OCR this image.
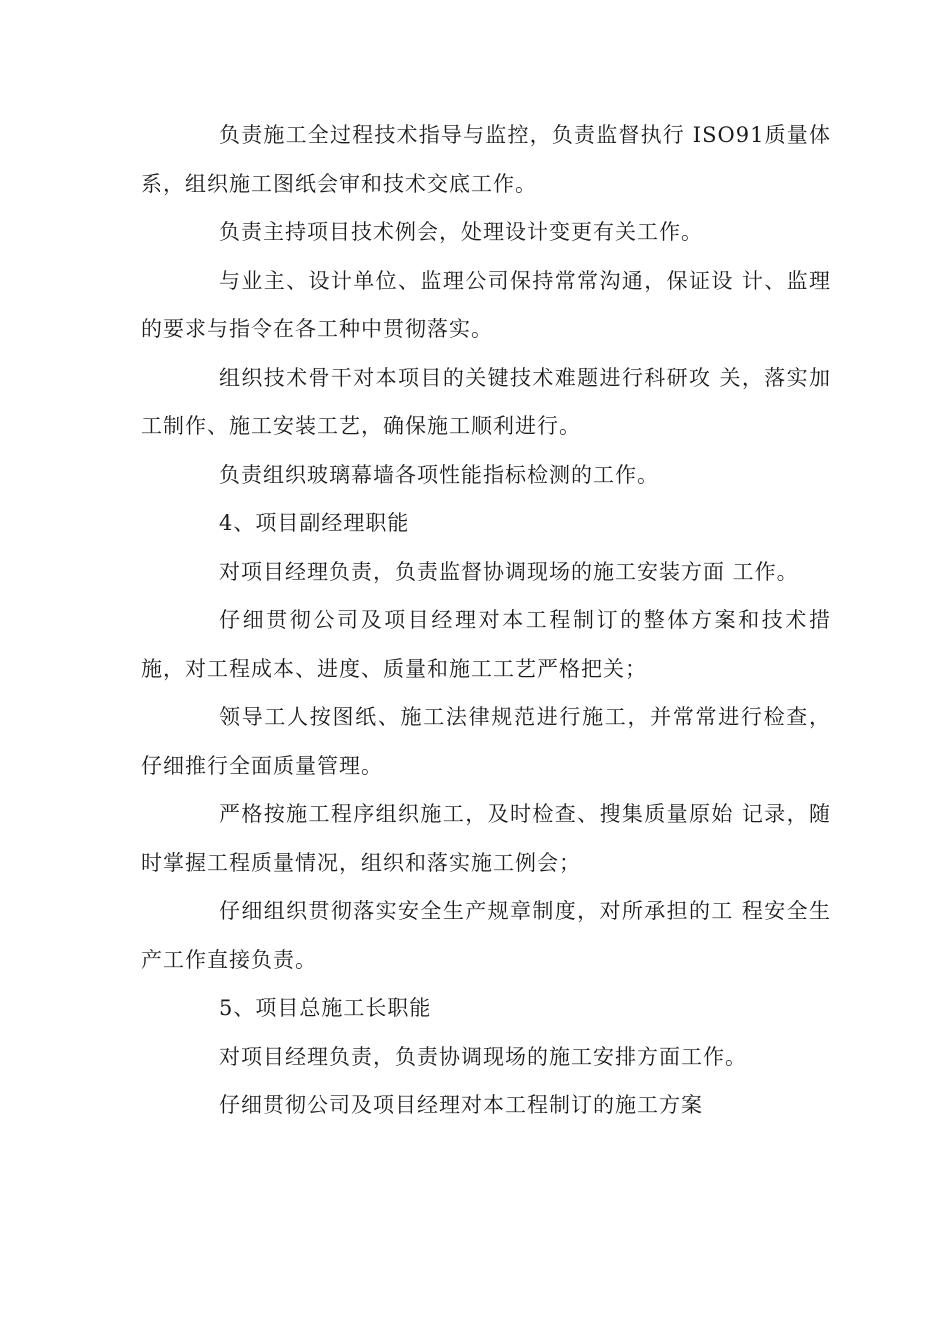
负责施工全过程技术指导与监控，负责监督执行 ISO91质量体系，组织施工图纸会审和技术交底工作。

负责主持项目技术例会，处理设计变更有关工作。

与业主、设计单位、监理公司保持常常沟通，保证设 计、监理的要求与指令在各工种中贯彻落实。

组织技术骨干对本项目的关键技术难题进行科研攻 关，落实加工制作、施工安装工艺，确保施工顺利进行。

负责组织玻璃幕墙各项性能指标检测的工作。

4、项目副经理职能

对项目经理负责，负责监督协调现场的施工安装方面 工作。

仔细贯彻公司及项目经理对本工程制订的整体方案和技术措施，对工程成本、进度、质量和施工工艺严格把关；

领导工人按图纸、施工法律规范进行施工，并常常进行检查，仔细推行全面质量管理。

严格按施工程序组织施工，及时检查、搜集质量原始 记录，随时掌握工程质量情况，组织和落实施工例会；

仔细组织贯彻落实安全生产规章制度，对所承担的工 程安全生产工作直接负责。

5、项目总施工长职能

对项目经理负责，负责协调现场的施工安排方面工作。

仔细贯彻公司及项目经理对本工程制订的施工方案
